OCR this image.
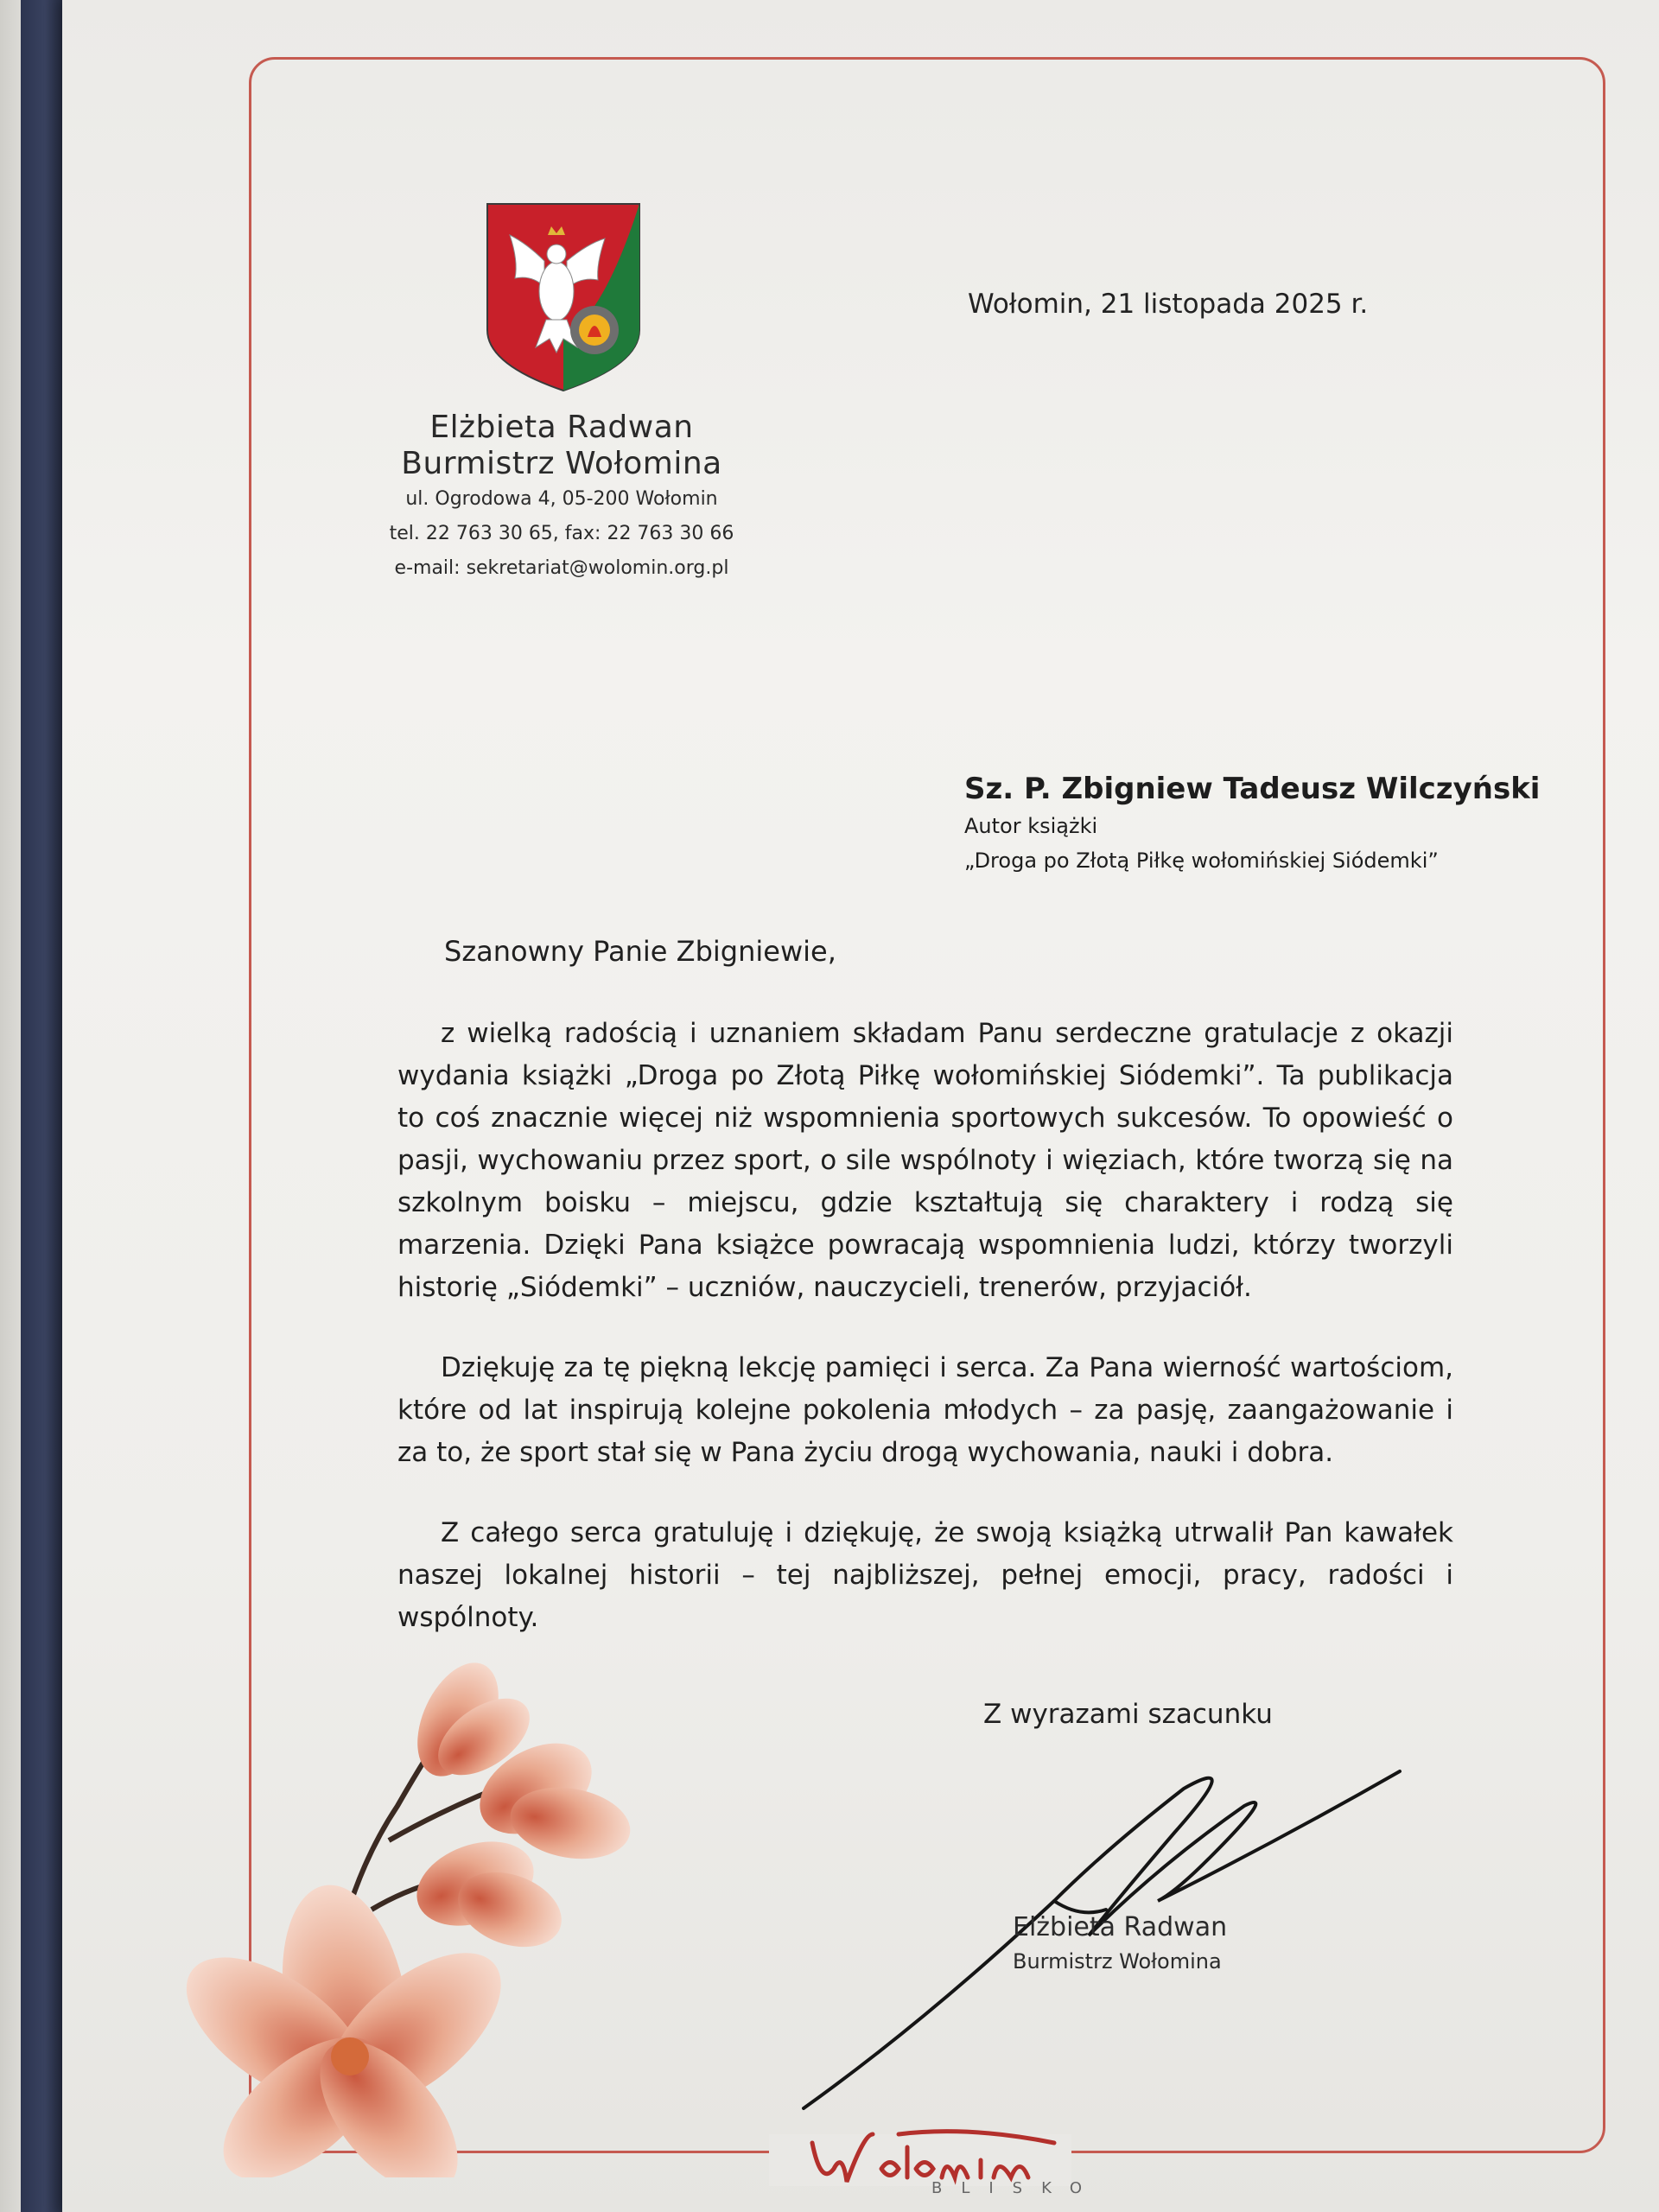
Elżbieta Radwan
Burmistrz Wołomina
ul. Ogrodowa 4, 05-200 Wołomin
tel. 22 763 30 65, fax: 22 763 30 66
e-mail: sekretariat@wolomin.org.pl
Wołomin, 21 listopada 2025 r.
Sz. P. Zbigniew Tadeusz Wilczyński
Autor książki
„Droga po Złotą Piłkę wołomińskiej Siódemki”
Szanowny Panie Zbigniewie,

z wielką radością i uznaniem składam Panu serdeczne gratulacje z okazji wydania książki „Droga po Złotą Piłkę wołomińskiej Siódemki”. Ta publikacja to coś znacznie więcej niż wspomnienia sportowych sukcesów. To opowieść o pasji, wychowaniu przez sport, o sile wspólnoty i więziach, które tworzą się na szkolnym boisku – miejscu, gdzie kształtują się charaktery i rodzą się marzenia. Dzięki Pana książce powracają wspomnienia ludzi, którzy tworzyli historię „Siódemki” – uczniów, nauczycieli, trenerów, przyjaciół.

Dziękuję za tę piękną lekcję pamięci i serca. Za Pana wierność wartościom, które od lat inspirują kolejne pokolenia młodych – za pasję, zaangażowanie i za to, że sport stał się w Pana życiu drogą wychowania, nauki i dobra.

Z całego serca gratuluję i dziękuję, że swoją książką utrwalił Pan kawałek naszej lokalnej historii – tej najbliższej, pełnej emocji, pracy, radości i wspólnoty.

Z wyrazami szacunku
Elżbieta Radwan
Burmistrz Wołomina
BLISKO
